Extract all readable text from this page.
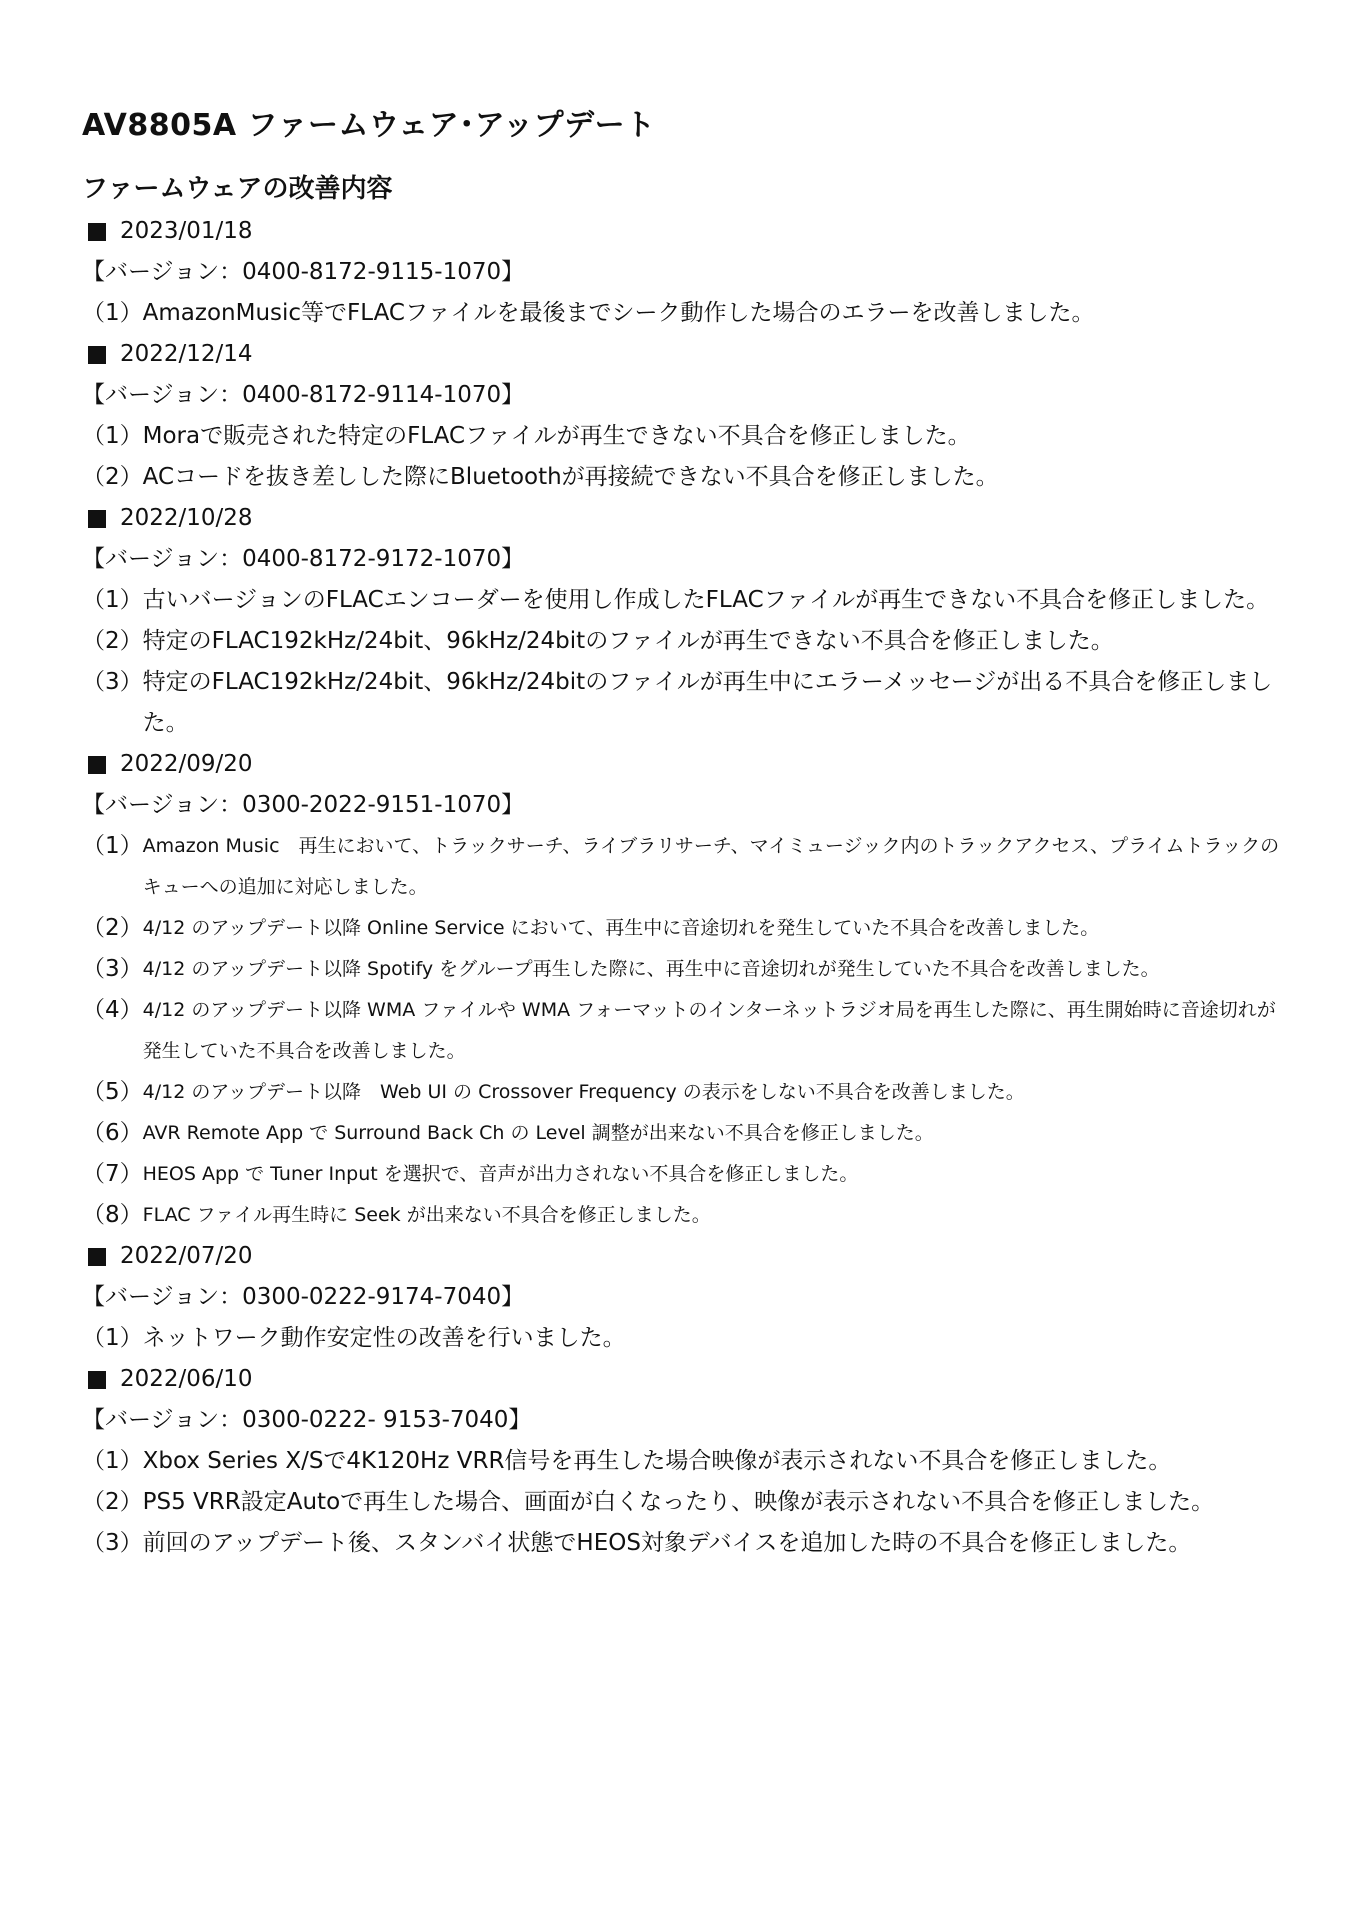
AV8805A ファームウェア･アップデート
ファームウェアの改善内容
2023/01/18
【バージョン：0400-8172-9115-1070】
（1） AmazonMusic等でFLACファイルを最後までシーク動作した場合のエラーを改善しました。
2022/12/14
【バージョン：0400-8172-9114-1070】
（1） Moraで販売された特定のFLACファイルが再生できない不具合を修正しました。
（2） ACコードを抜き差しした際にBluetoothが再接続できない不具合を修正しました。
2022/10/28
【バージョン：0400-8172-9172-1070】
（1） 古いバージョンのFLACエンコーダーを使用し作成したFLACファイルが再生できない不具合を修正しました。
（2） 特定のFLAC192kHz/24bit、96kHz/24bitのファイルが再生できない不具合を修正しました。
（3） 特定のFLAC192kHz/24bit、96kHz/24bitのファイルが再生中にエラーメッセージが出る不具合を修正しました。
2022/09/20
【バージョン：0300-2022-9151-1070】
（1） Amazon Music　再生において、トラックサーチ、ライブラリサーチ、マイミュージック内のトラックアクセス、プライムトラックのキューへの追加に対応しました。
（2） 4/12 のアップデート以降 Online Service において、再生中に音途切れを発生していた不具合を改善しました。
（3） 4/12 のアップデート以降 Spotify をグループ再生した際に、再生中に音途切れが発生していた不具合を改善しました。
（4） 4/12 のアップデート以降 WMA ファイルや WMA フォーマットのインターネットラジオ局を再生した際に、再生開始時に音途切れが発生していた不具合を改善しました。
（5） 4/12 のアップデート以降　Web UI の Crossover Frequency の表示をしない不具合を改善しました。
（6） AVR Remote App で Surround Back Ch の Level 調整が出来ない不具合を修正しました。
（7） HEOS App で Tuner Input を選択で、音声が出力されない不具合を修正しました。
（8） FLAC ファイル再生時に Seek が出来ない不具合を修正しました。
2022/07/20
【バージョン：0300-0222-9174-7040】
（1） ネットワーク動作安定性の改善を行いました。
2022/06/10
【バージョン：0300-0222- 9153-7040】
（1） Xbox Series X/Sで4K120Hz VRR信号を再生した場合映像が表示されない不具合を修正しました。
（2） PS5 VRR設定Autoで再生した場合、画面が白くなったり、映像が表示されない不具合を修正しました。
（3） 前回のアップデート後、スタンバイ状態でHEOS対象デバイスを追加した時の不具合を修正しました。
